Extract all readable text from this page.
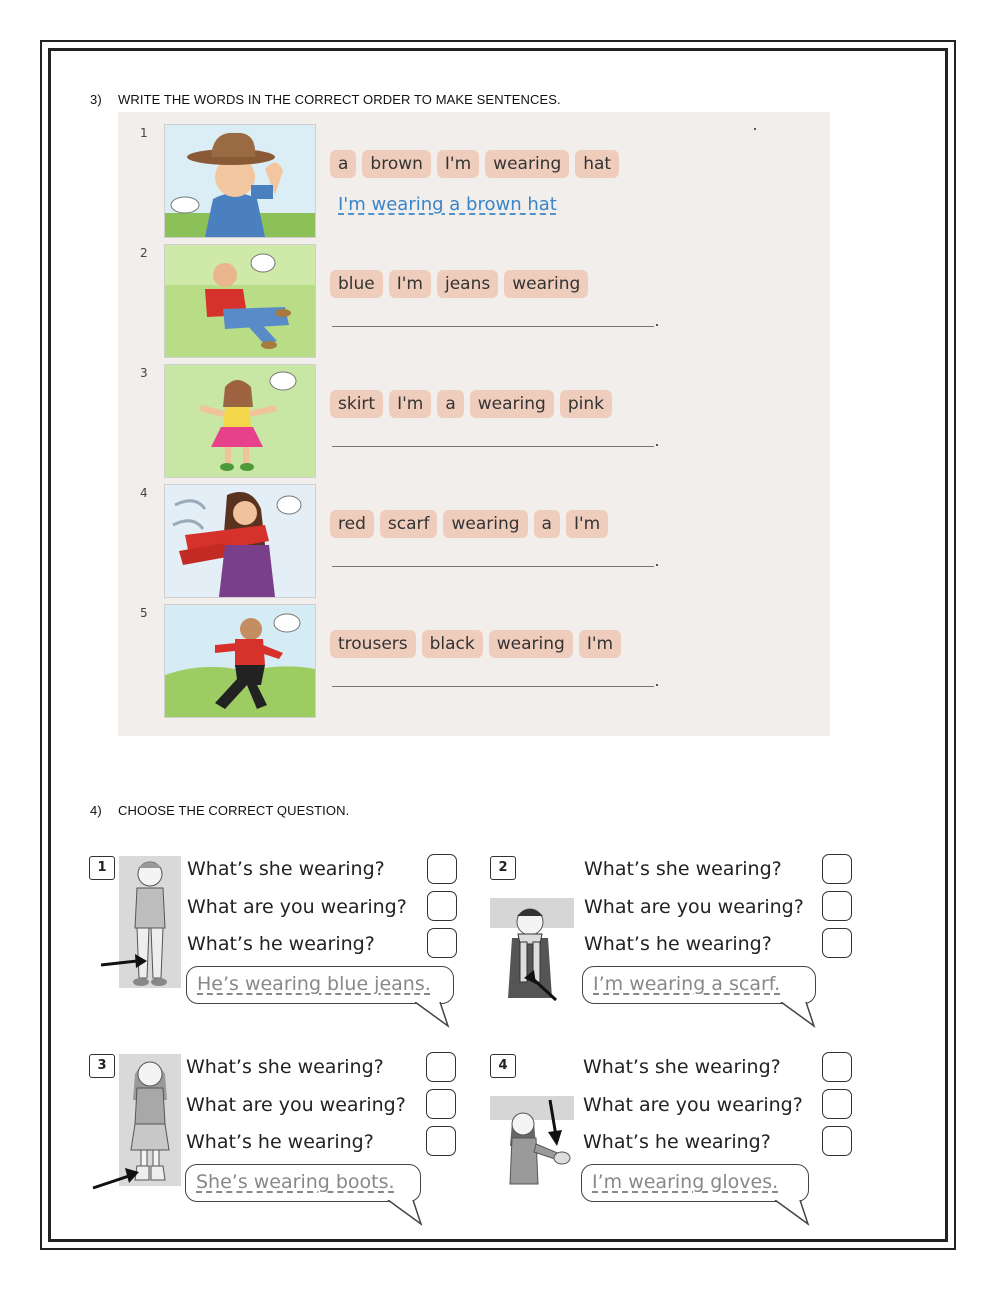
3) WRITE THE WORDS IN THE CORRECT ORDER TO MAKE SENTENCES.
1
a	brown	I'm	wearing	hat
I'm wearing a brown hat
2
blue	I'm	jeans	wearing
3
skirt	I'm	a	wearing	pink
4
red	scarf	wearing	a	I'm
5
trousers	black	wearing	I'm
4) CHOOSE THE CORRECT QUESTION.
1	What’s she wearing?
What are you wearing?
What’s he wearing?
He’s wearing blue jeans.
2	What’s she wearing?
What are you wearing?
What’s he wearing?
I’m wearing a scarf.
3	What’s she wearing?
What are you wearing?
What’s he wearing?
She’s wearing boots.
4	What’s she wearing?
What are you wearing?
What’s he wearing?
I’m wearing gloves.
